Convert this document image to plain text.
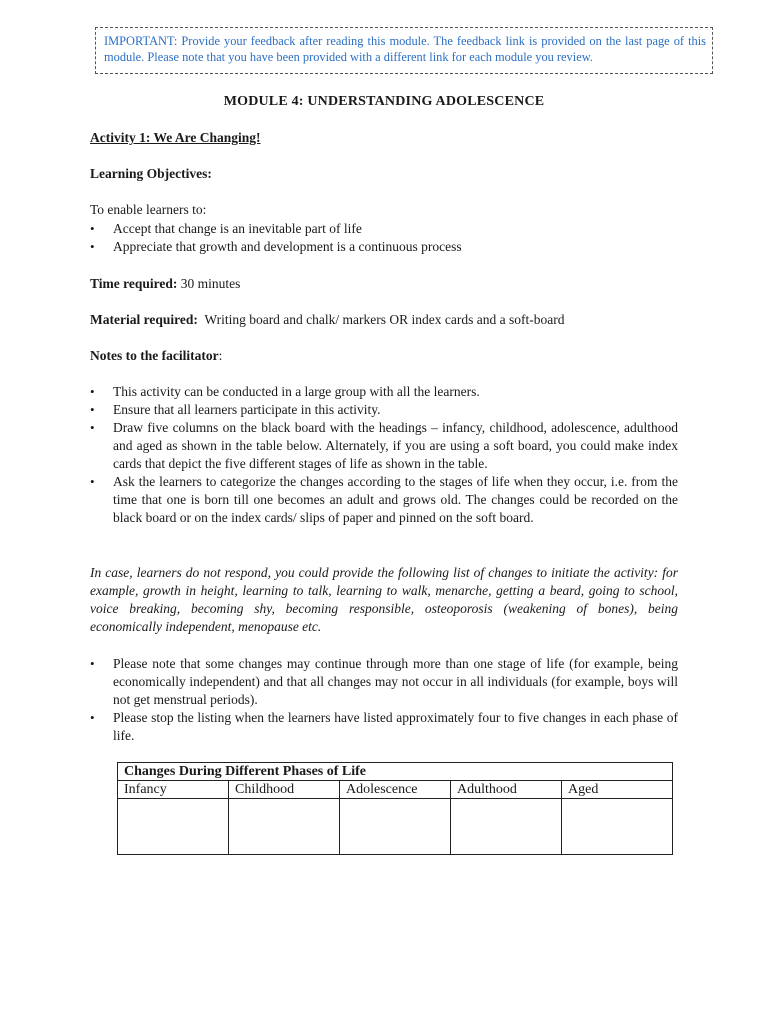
IMPORTANT: Provide your feedback after reading this module. The feedback link is provided on the last page of this module. Please note that you have been provided with a different link for each module you review.
MODULE 4: UNDERSTANDING ADOLESCENCE
Activity 1: We Are Changing!
Learning Objectives:
To enable learners to:
• Accept that change is an inevitable part of life
• Appreciate that growth and development is a continuous process
Time required: 30 minutes
Material required: Writing board and chalk/ markers OR index cards and a soft-board
Notes to the facilitator:
• This activity can be conducted in a large group with all the learners.
• Ensure that all learners participate in this activity.
• Draw five columns on the black board with the headings – infancy, childhood, adolescence, adulthood and aged as shown in the table below. Alternately, if you are using a soft board, you could make index cards that depict the five different stages of life as shown in the table.
• Ask the learners to categorize the changes according to the stages of life when they occur, i.e. from the time that one is born till one becomes an adult and grows old. The changes could be recorded on the black board or on the index cards/ slips of paper and pinned on the soft board.
In case, learners do not respond, you could provide the following list of changes to initiate the activity: for example, growth in height, learning to talk, learning to walk, menarche, getting a beard, going to school, voice breaking, becoming shy, becoming responsible, osteoporosis (weakening of bones), being economically independent, menopause etc.
• Please note that some changes may continue through more than one stage of life (for example, being economically independent) and that all changes may not occur in all individuals (for example, boys will not get menstrual periods).
• Please stop the listing when the learners have listed approximately four to five changes in each phase of life.
Changes During Different Phases of Life				
Infancy	Childhood	Adolescence	Adulthood	Aged
